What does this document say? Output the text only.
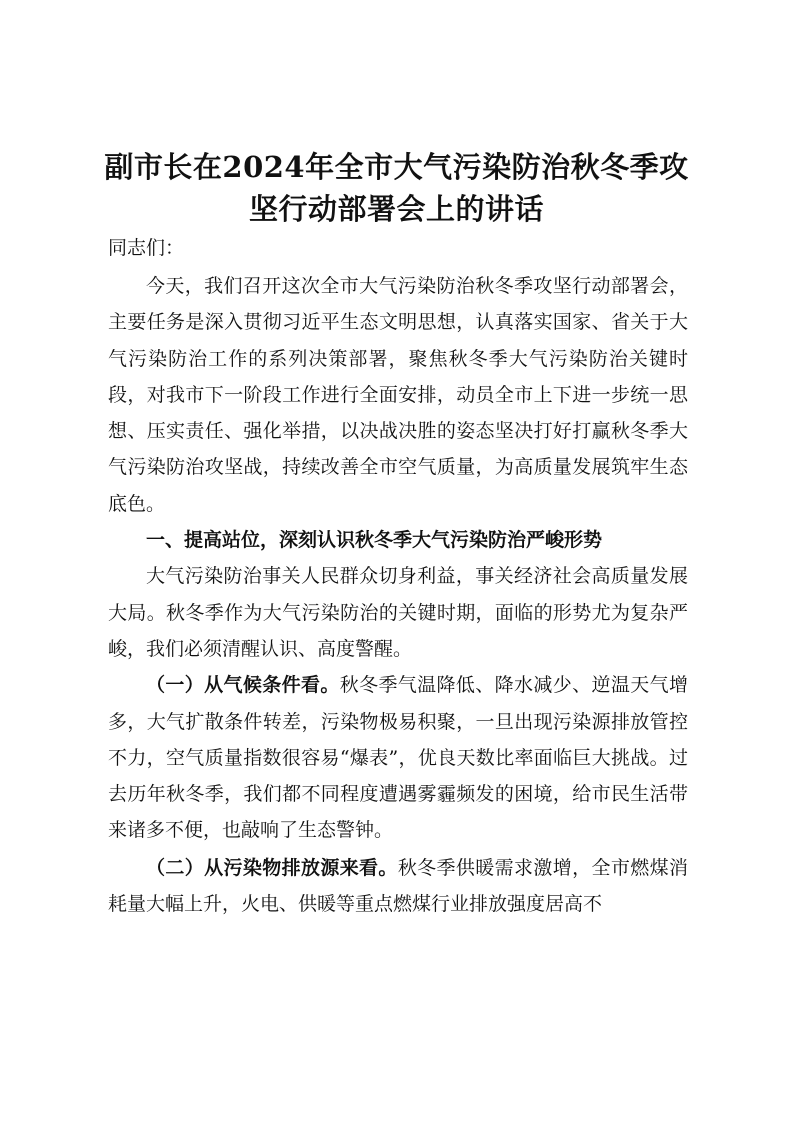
副市长在2024年全市大气污染防治秋冬季攻
坚行动部署会上的讲话
同志们：

今天，我们召开这次全市大气污染防治秋冬季攻坚行动部署会，主要任务是深入贯彻习近平生态文明思想，认真落实国家、省关于大气污染防治工作的系列决策部署，聚焦秋冬季大气污染防治关键时段，对我市下一阶段工作进行全面安排，动员全市上下进一步统一思想、压实责任、强化举措，以决战决胜的姿态坚决打好打赢秋冬季大气污染防治攻坚战，持续改善全市空气质量，为高质量发展筑牢生态底色。

一、提高站位，深刻认识秋冬季大气污染防治严峻形势

大气污染防治事关人民群众切身利益，事关经济社会高质量发展大局。秋冬季作为大气污染防治的关键时期，面临的形势尤为复杂严峻，我们必须清醒认识、高度警醒。

（一）从气候条件看。秋冬季气温降低、降水减少、逆温天气增多，大气扩散条件转差，污染物极易积聚，一旦出现污染源排放管控不力，空气质量指数很容易“爆表”，优良天数比率面临巨大挑战。过去历年秋冬季，我们都不同程度遭遇雾霾频发的困境，给市民生活带来诸多不便，也敲响了生态警钟。

（二）从污染物排放源来看。秋冬季供暖需求激增，全市燃煤消耗量大幅上升，火电、供暖等重点燃煤行业排放强度居高不
